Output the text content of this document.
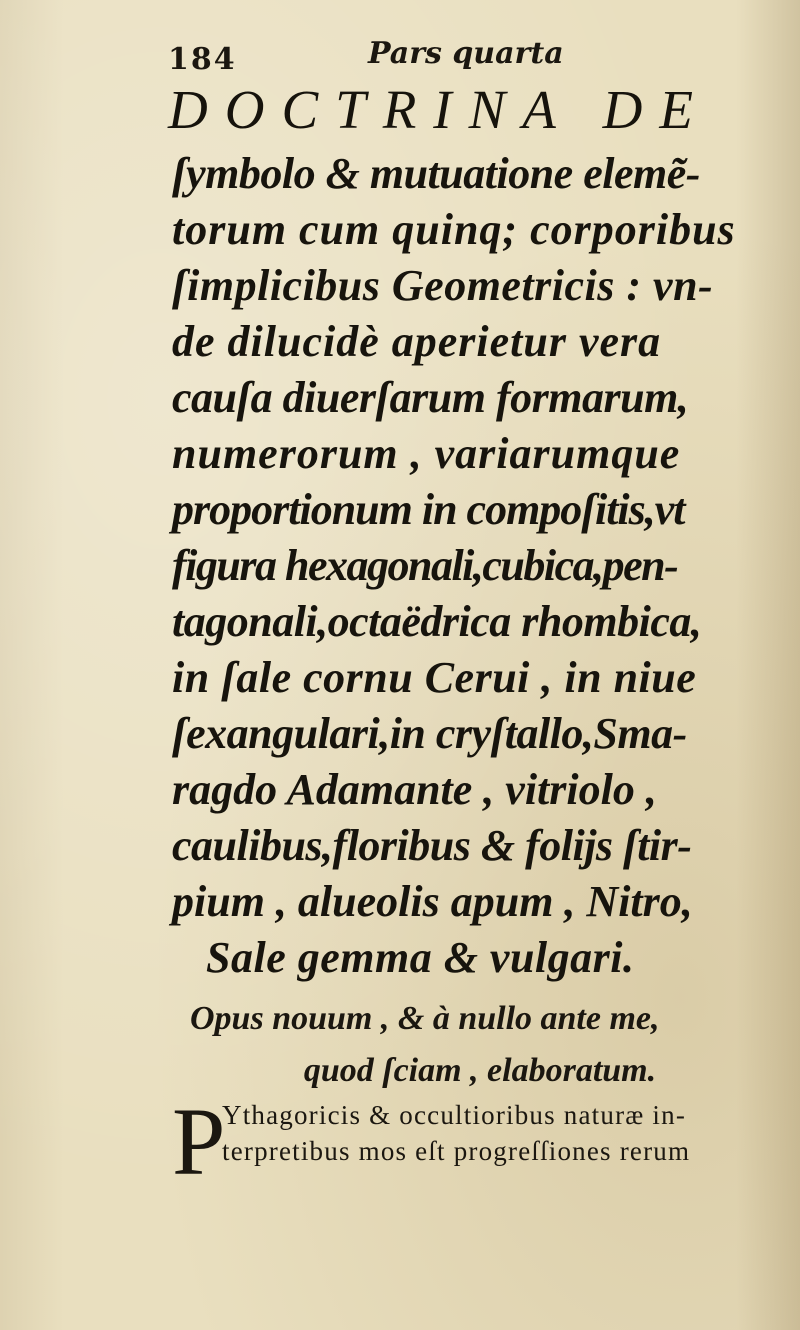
184	Pars quarta
DOCTRINA DE
ſymbolo & mutuatione elemẽ-
torum cum quinq; corporibus
ſimplicibus Geometricis : vn-
de dilucidè aperietur vera
cauſa diuerſarum formarum,
numerorum , variarumque
proportionum in compoſitis,vt
figura hexagonali,cubica,pen-
tagonali,octaëdrica rhombica,
in ſale cornu Cerui , in niue
ſexangulari,in cryſtallo,Sma-
ragdo Adamante , vitriolo ,
caulibus,floribus & folijs ſtir-
pium , alueolis apum , Nitro,
Sale gemma & vulgari.
Opus nouum , & à nullo ante me,
quod ſciam , elaboratum.
P
Ythagoricis & occultioribus naturæ in-
terpretibus mos eſt progreſſiones rerum
